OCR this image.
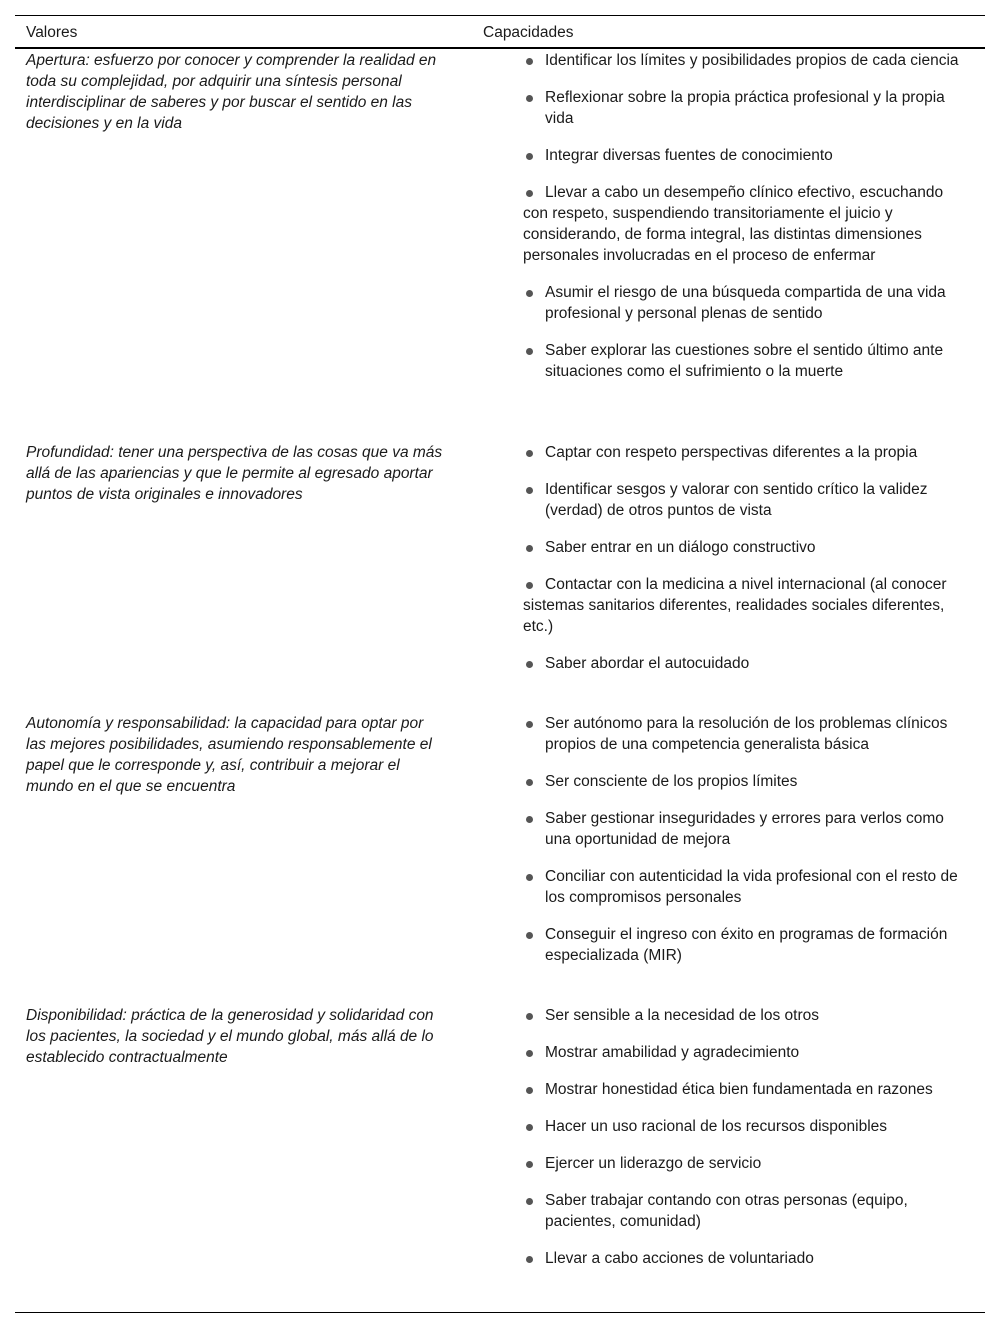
Valores	Capacidades

Apertura: esfuerzo por conocer y comprender la realidad en toda su complejidad, por adquirir una síntesis personal interdisciplinar de saberes y por buscar el sentido en las decisiones y en la vida

Identificar los límites y posibilidades propios de cada ciencia
Reflexionar sobre la propia práctica profesional y la propia vida
Integrar diversas fuentes de conocimiento
Llevar a cabo un desempeño clínico efectivo, escuchando con respeto, suspendiendo transitoriamente el juicio y considerando, de forma integral, las distintas dimensiones personales involucradas en el proceso de enfermar
Asumir el riesgo de una búsqueda compartida de una vida profesional y personal plenas de sentido
Saber explorar las cuestiones sobre el sentido último ante situaciones como el sufrimiento o la muerte

Profundidad: tener una perspectiva de las cosas que va más allá de las apariencias y que le permite al egresado aportar puntos de vista originales e innovadores

Captar con respeto perspectivas diferentes a la propia
Identificar sesgos y valorar con sentido crítico la validez (verdad) de otros puntos de vista
Saber entrar en un diálogo constructivo
Contactar con la medicina a nivel internacional (al conocer sistemas sanitarios diferentes, realidades sociales diferentes, etc.)
Saber abordar el autocuidado

Autonomía y responsabilidad: la capacidad para optar por las mejores posibilidades, asumiendo responsablemente el papel que le corresponde y, así, contribuir a mejorar el mundo en el que se encuentra

Ser autónomo para la resolución de los problemas clínicos propios de una competencia generalista básica
Ser consciente de los propios límites
Saber gestionar inseguridades y errores para verlos como una oportunidad de mejora
Conciliar con autenticidad la vida profesional con el resto de los compromisos personales
Conseguir el ingreso con éxito en programas de formación especializada (MIR)

Disponibilidad: práctica de la generosidad y solidaridad con los pacientes, la sociedad y el mundo global, más allá de lo establecido contractualmente

Ser sensible a la necesidad de los otros
Mostrar amabilidad y agradecimiento
Mostrar honestidad ética bien fundamentada en razones
Hacer un uso racional de los recursos disponibles
Ejercer un liderazgo de servicio
Saber trabajar contando con otras personas (equipo, pacientes, comunidad)
Llevar a cabo acciones de voluntariado
